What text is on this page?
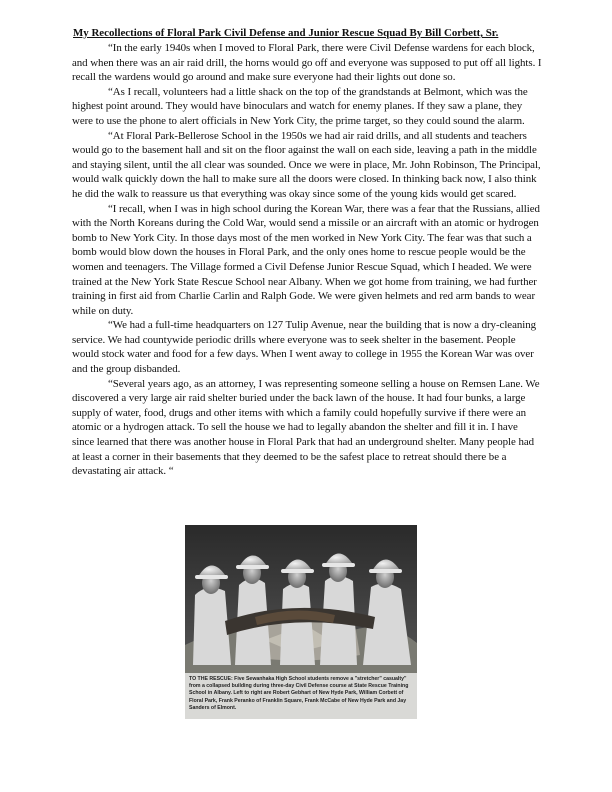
My Recollections of Floral Park Civil Defense and Junior Rescue Squad By Bill Corbett, Sr.

“In the early 1940s when I moved to Floral Park, there were Civil Defense wardens for each block, and when there was an air raid drill, the horns would go off and everyone was supposed to put off all lights. I recall the wardens would go around and make sure everyone had their lights out done so.

“As I recall, volunteers had a little shack on the top of the grandstands at Belmont, which was the highest point around. They would have binoculars and watch for enemy planes. If they saw a plane, they were to use the phone to alert officials in New York City, the prime target, so they could sound the alarm.

“At Floral Park-Bellerose School in the 1950s we had air raid drills, and all students and teachers would go to the basement hall and sit on the floor against the wall on each side, leaving a path in the middle and staying silent, until the all clear was sounded. Once we were in place, Mr. John Robinson, The Principal, would walk quickly down the hall to make sure all the doors were closed. In thinking back now, I also think he did the walk to reassure us that everything was okay since some of the young kids would get scared.

“I recall, when I was in high school during the Korean War, there was a fear that the Russians, allied with the North Koreans during the Cold War, would send a missile or an aircraft with an atomic or hydrogen bomb to New York City. In those days most of the men worked in New York City. The fear was that such a bomb would blow down the houses in Floral Park, and the only ones home to rescue people would be the women and teenagers. The Village formed a Civil Defense Junior Rescue Squad, which I headed. We were trained at the New York State Rescue School near Albany. When we got home from training, we had further training in first aid from Charlie Carlin and Ralph Gode. We were given helmets and red arm bands to wear while on duty.

“We had a full-time headquarters on 127 Tulip Avenue, near the building that is now a dry-cleaning service. We had countywide periodic drills where everyone was to seek shelter in the basement. People would stock water and food for a few days. When I went away to college in 1955 the Korean War was over and the group disbanded.

“Several years ago, as an attorney, I was representing someone selling a house on Remsen Lane. We discovered a very large air raid shelter buried under the back lawn of the house. It had four bunks, a large supply of water, food, drugs and other items with which a family could hopefully survive if there were an atomic or a hydrogen attack. To sell the house we had to legally abandon the shelter and fill it in. I have since learned that there was another house in Floral Park that had an underground shelter. Many people had at least a corner in their basements that they deemed to be the safest place to retreat should there be a devastating air attack. “

TO THE RESCUE: Five Sewanhaka High School students remove a "stretcher" casualty" from a collapsed building during three-day Civil Defense course at State Rescue Training School in Albany. Left to right are Robert Gebhart of New Hyde Park, William Corbett of Floral Park, Frank Peranko of Franklin Square, Frank McCabe of New Hyde Park and Jay Sanders of Elmont.
